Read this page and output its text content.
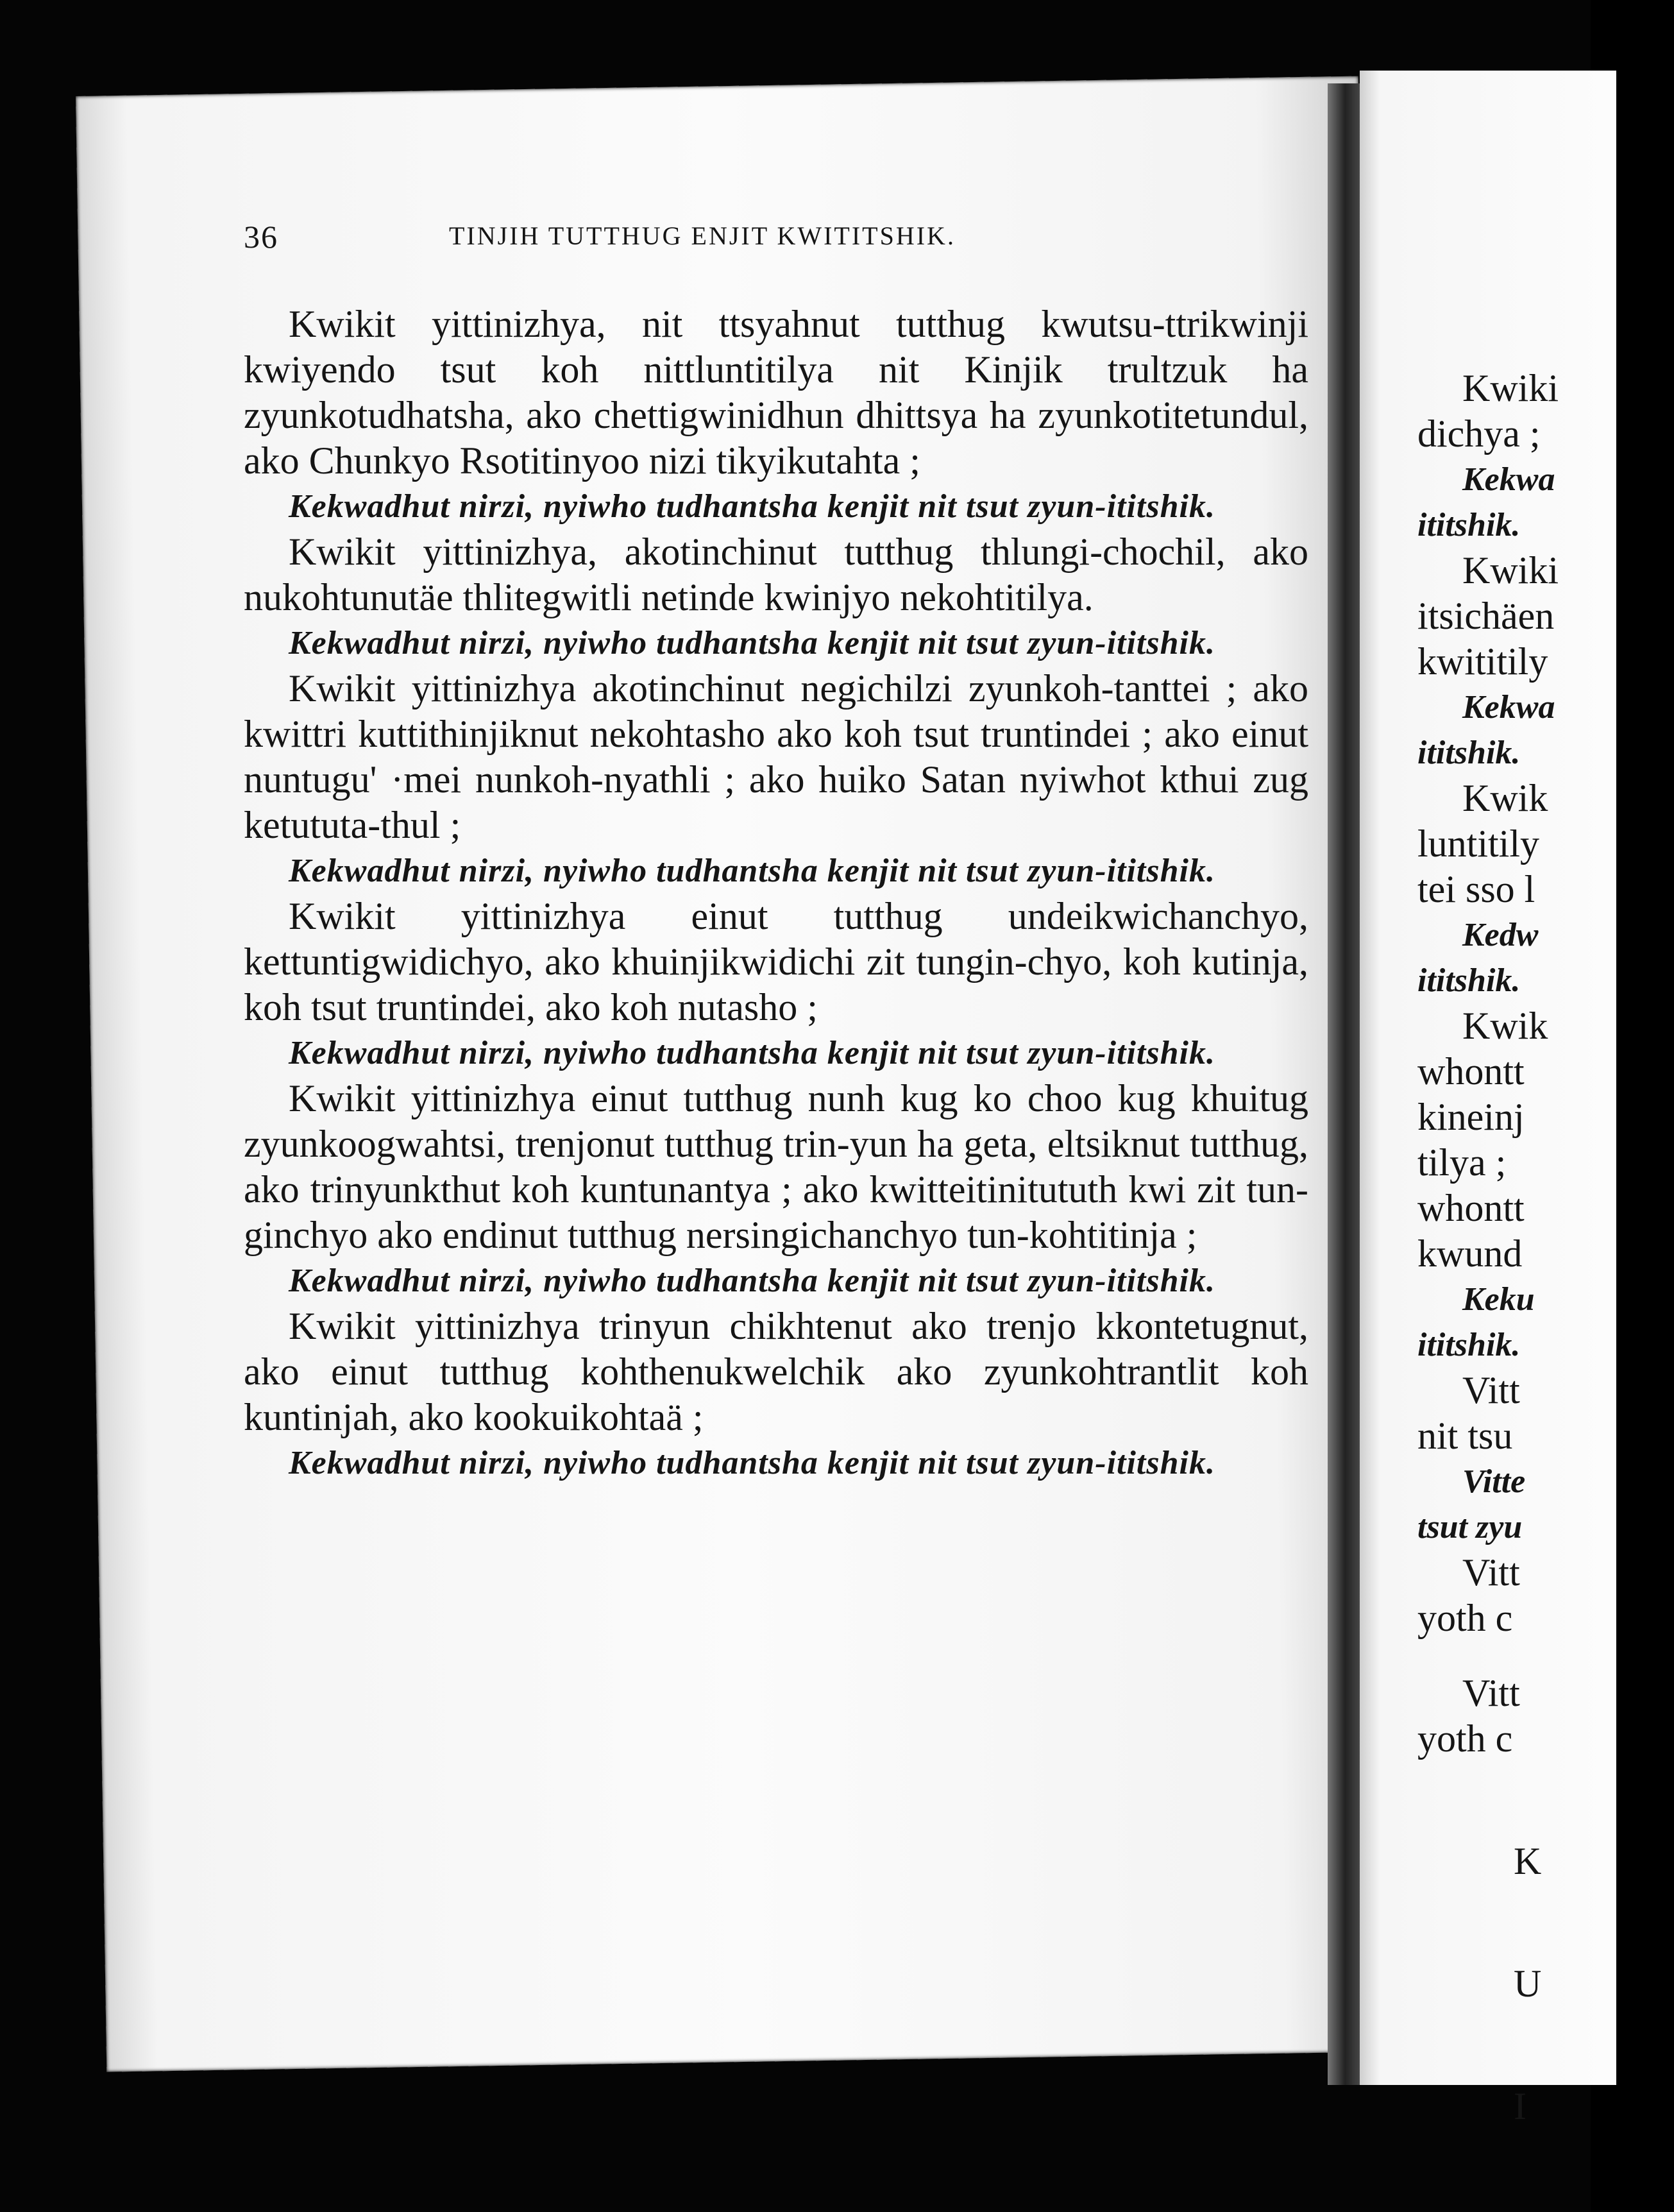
Kwiki
dichya ;
Kekwa
ititshik.
Kwiki
itsichäen
kwititily
Kekwa
ititshik.
Kwik
luntitily
tei sso l
Kedw
ititshik.
Kwik
whontt
kineinj
tilya ;
whontt
kwund
Keku
ititshik.
Vitt
nit tsu
Vitte
tsut zyu
Vitt
yoth c
Vitt
yoth c
K
U
I
36	TINJIH TUTTHUG ENJIT KWITITSHIK.

Kwikit yittinizhya, nit ttsyahnut tutthug kwutsu-ttrikwinji kwiyendo tsut koh nittluntitilya nit Kinjik trultzuk ha zyunkotudhatsha, ako chettigwinidhun dhittsya ha zyunkotitetundul, ako Chunkyo Rsotitinyoo nizi tikyikutahta ;

Kekwadhut nirzi, nyiwho tudhantsha kenjit nit tsut zyun-ititshik.

Kwikit yittinizhya, akotinchinut tutthug thlungi-chochil, ako nukohtunutäe thlitegwitli netinde kwinjyo nekohtitilya.

Kekwadhut nirzi, nyiwho tudhantsha kenjit nit tsut zyun-ititshik.

Kwikit yittinizhya akotinchinut negichilzi zyunkoh-tanttei ; ako kwittri kuttithinjiknut nekohtasho ako koh tsut truntindei ; ako einut nuntugu' ·mei nunkoh-nyathli ; ako huiko Satan nyiwhot kthui zug ketututa-thul ;

Kekwadhut nirzi, nyiwho tudhantsha kenjit nit tsut zyun-ititshik.

Kwikit yittinizhya einut tutthug undeikwichanchyo, kettuntigwidichyo, ako khuinjikwidichi zit tungin-chyo, koh kutinja, koh tsut truntindei, ako koh nutasho ;

Kekwadhut nirzi, nyiwho tudhantsha kenjit nit tsut zyun-ititshik.

Kwikit yittinizhya einut tutthug nunh kug ko choo kug khuitug zyunkoogwahtsi, trenjonut tutthug trin-yun ha geta, eltsiknut tutthug, ako trinyunkthut koh kuntunantya ; ako kwitteitinitututh kwi zit tun-ginchyo ako endinut tutthug nersingichanchyo tun-kohtitinja ;

Kekwadhut nirzi, nyiwho tudhantsha kenjit nit tsut zyun-ititshik.

Kwikit yittinizhya trinyun chikhtenut ako trenjo kkontetugnut, ako einut tutthug kohthenukwelchik ako zyunkohtrantlit koh kuntinjah, ako kookuikohtaä ;

Kekwadhut nirzi, nyiwho tudhantsha kenjit nit tsut zyun-ititshik.
